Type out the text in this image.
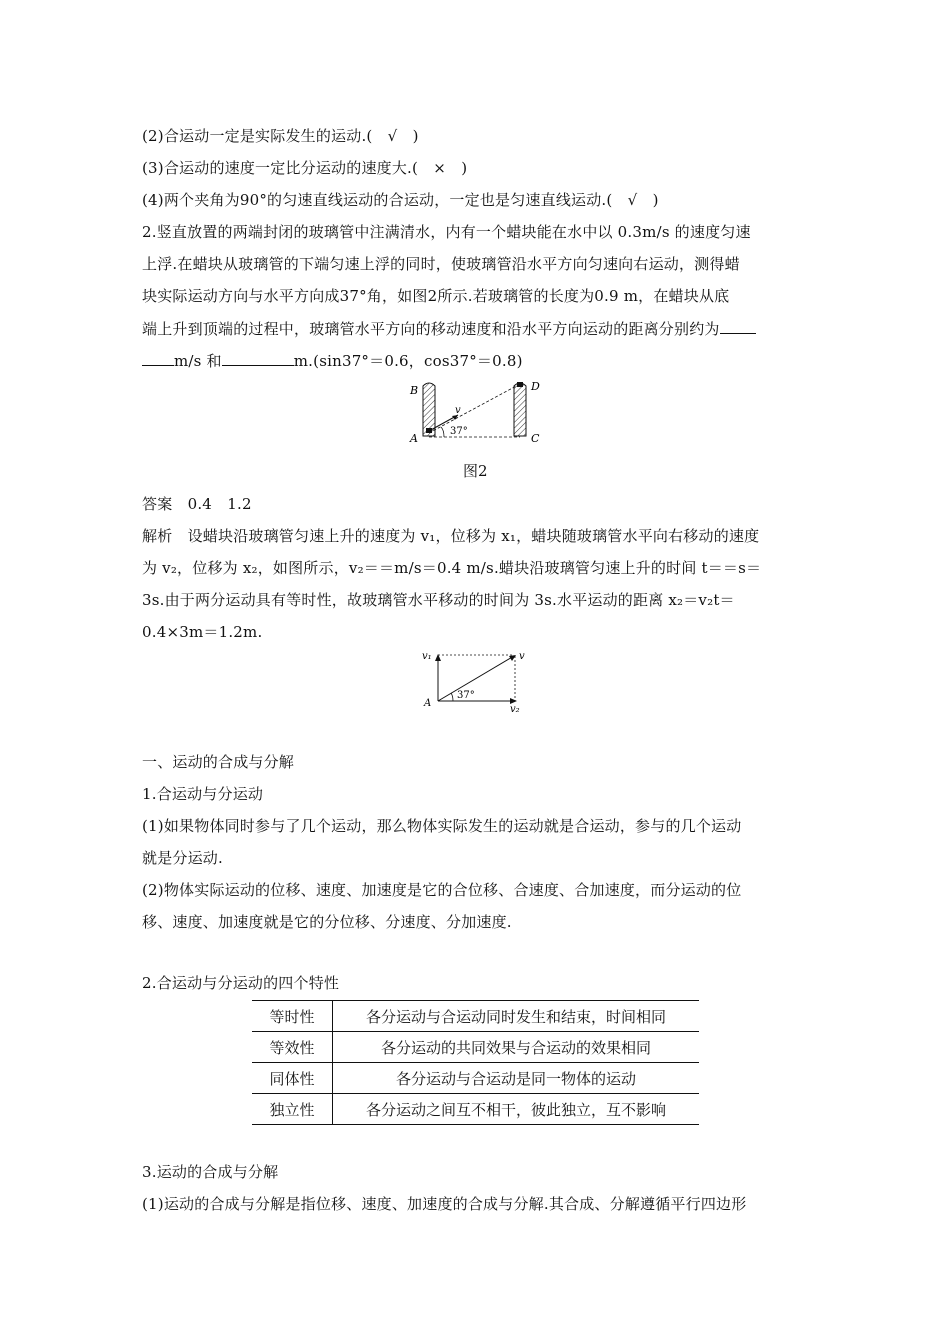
(2)合运动一定是实际发生的运动.(　√　)
(3)合运动的速度一定比分运动的速度大.(　×　)
(4)两个夹角为90°的匀速直线运动的合运动，一定也是匀速直线运动.(　√　)
2.竖直放置的两端封闭的玻璃管中注满清水，内有一个蜡块能在水中以 0.3m/s 的速度匀速
上浮.在蜡块从玻璃管的下端匀速上浮的同时，使玻璃管沿水平方向匀速向右运动，测得蜡
块实际运动方向与水平方向成37°角，如图2所示.若玻璃管的长度为0.9 m，在蜡块从底
端上升到顶端的过程中，玻璃管水平方向的移动速度和沿水平方向运动的距离分别约为
m/s 和	m.(sin37°＝0.6，cos37°＝0.8)
B
A
D
C
v
37°
图2
答案　0.4　1.2
解析　设蜡块沿玻璃管匀速上升的速度为 v₁，位移为 x₁，蜡块随玻璃管水平向右移动的速度
为 v₂，位移为 x₂，如图所示，v₂＝＝m/s＝0.4 m/s.蜡块沿玻璃管匀速上升的时间 t＝＝s＝
3s.由于两分运动具有等时性，故玻璃管水平移动的时间为 3s.水平运动的距离 x₂＝v₂t＝
0.4×3m＝1.2m.
v₁	v
A
37°
v₂
一、运动的合成与分解
1.合运动与分运动
(1)如果物体同时参与了几个运动，那么物体实际发生的运动就是合运动，参与的几个运动
就是分运动.
(2)物体实际运动的位移、速度、加速度是它的合位移、合速度、合加速度，而分运动的位
移、速度、加速度就是它的分位移、分速度、分加速度.
2.合运动与分运动的四个特性
等时性	各分运动与合运动同时发生和结束，时间相同
等效性	各分运动的共同效果与合运动的效果相同
同体性	各分运动与合运动是同一物体的运动
独立性	各分运动之间互不相干，彼此独立，互不影响
3.运动的合成与分解
(1)运动的合成与分解是指位移、速度、加速度的合成与分解.其合成、分解遵循平行四边形
